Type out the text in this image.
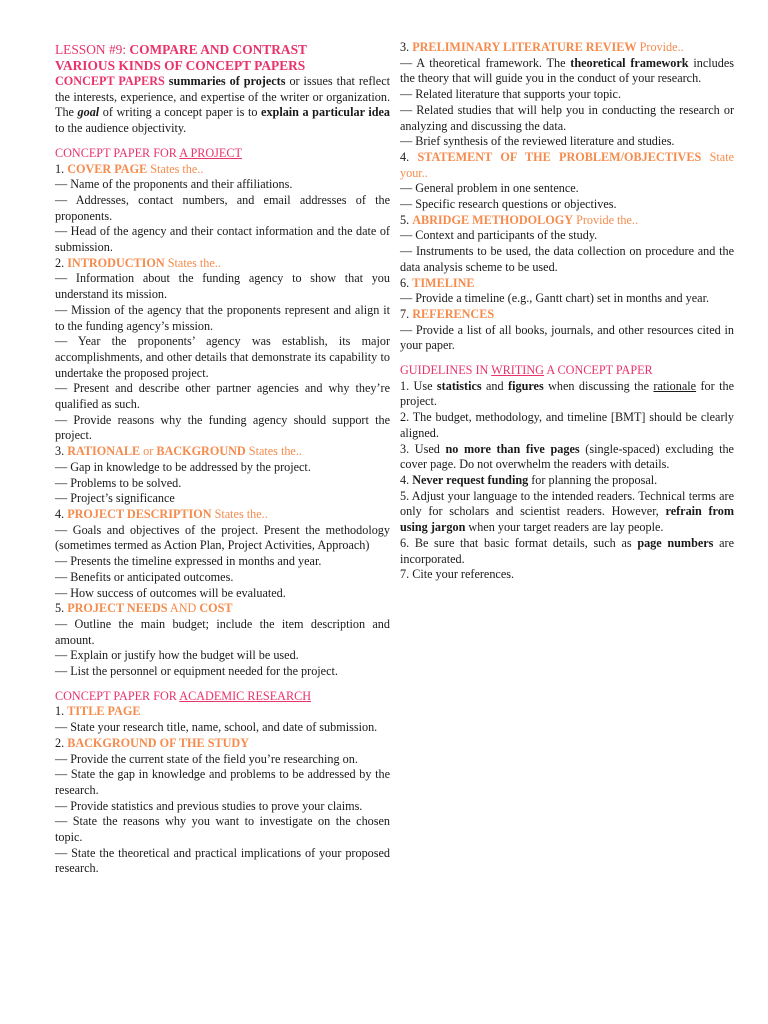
LESSON #9: COMPARE AND CONTRAST
VARIOUS KINDS OF CONCEPT PAPERS

CONCEPT PAPERS summaries of projects or issues that reflect the interests, experience, and expertise of the writer or organization. The goal of writing a concept paper is to explain a particular idea to the audience objectivity.

CONCEPT PAPER FOR A PROJECT

1. COVER PAGE States the..

— Name of the proponents and their affiliations.

— Addresses, contact numbers, and email addresses of the proponents.

— Head of the agency and their contact information and the date of submission.

2. INTRODUCTION States the..

— Information about the funding agency to show that you understand its mission.

— Mission of the agency that the proponents represent and align it to the funding agency’s mission.

— Year the proponents’ agency was establish, its major accomplishments, and other details that demonstrate its capability to undertake the proposed project.

— Present and describe other partner agencies and why they’re qualified as such.

— Provide reasons why the funding agency should support the project.

3. RATIONALE or BACKGROUND States the..

— Gap in knowledge to be addressed by the project.

— Problems to be solved.

— Project’s significance

4. PROJECT DESCRIPTION States the..

— Goals and objectives of the project. Present the methodology (sometimes termed as Action Plan, Project Activities, Approach)

— Presents the timeline expressed in months and year.

— Benefits or anticipated outcomes.

— How success of outcomes will be evaluated.

5. PROJECT NEEDS AND COST

— Outline the main budget; include the item description and amount.

— Explain or justify how the budget will be used.

— List the personnel or equipment needed for the project.

CONCEPT PAPER FOR ACADEMIC RESEARCH

1. TITLE PAGE

— State your research title, name, school, and date of submission.

2. BACKGROUND OF THE STUDY

— Provide the current state of the field you’re researching on.

— State the gap in knowledge and problems to be addressed by the research.

— Provide statistics and previous studies to prove your claims.

— State the reasons why you want to investigate on the chosen topic.

— State the theoretical and practical implications of your proposed research.

3. PRELIMINARY LITERATURE REVIEW Provide..

— A theoretical framework. The theoretical framework includes the theory that will guide you in the conduct of your research.

— Related literature that supports your topic.

— Related studies that will help you in conducting the research or analyzing and discussing the data.

— Brief synthesis of the reviewed literature and studies.

4. STATEMENT OF THE PROBLEM/OBJECTIVES State your..

— General problem in one sentence.

— Specific research questions or objectives.

5. ABRIDGE METHODOLOGY Provide the..

— Context and participants of the study.

— Instruments to be used, the data collection on procedure and the data analysis scheme to be used.

6. TIMELINE

— Provide a timeline (e.g., Gantt chart) set in months and year.

7. REFERENCES

— Provide a list of all books, journals, and other resources cited in your paper.

GUIDELINES IN WRITING A CONCEPT PAPER

1. Use statistics and figures when discussing the rationale for the project.

2. The budget, methodology, and timeline [BMT] should be clearly aligned.

3. Used no more than five pages (single-spaced) excluding the cover page. Do not overwhelm the readers with details.

4. Never request funding for planning the proposal.

5. Adjust your language to the intended readers. Technical terms are only for scholars and scientist readers. However, refrain from using jargon when your target readers are lay people.

6. Be sure that basic format details, such as page numbers are incorporated.

7. Cite your references.
